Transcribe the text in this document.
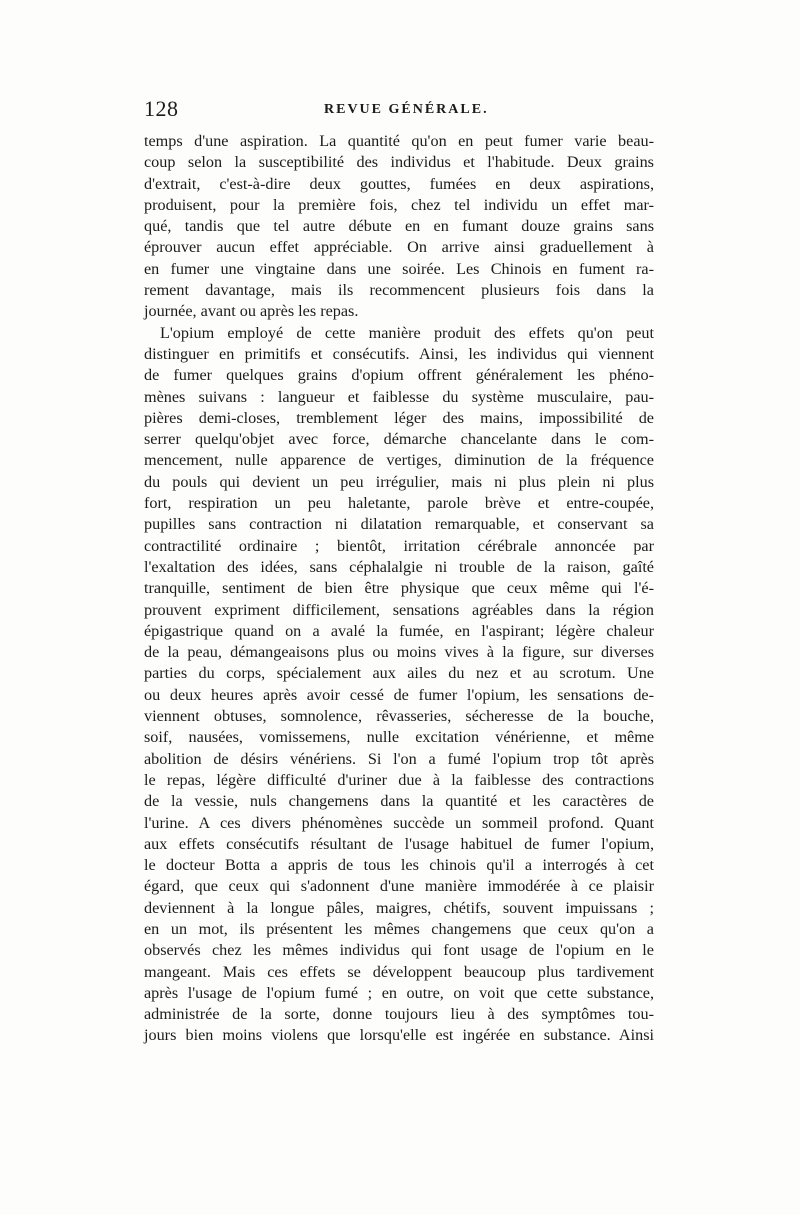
128	REVUE GÉNÉRALE.
temps d'une aspiration. La quantité qu'on en peut fumer varie beau-
coup selon la susceptibilité des individus et l'habitude. Deux grains
d'extrait, c'est-à-dire deux gouttes, fumées en deux aspirations,
produisent, pour la première fois, chez tel individu un effet mar-
qué, tandis que tel autre débute en en fumant douze grains sans
éprouver aucun effet appréciable. On arrive ainsi graduellement à
en fumer une vingtaine dans une soirée. Les Chinois en fument ra-
rement davantage, mais ils recommencent plusieurs fois dans la
journée, avant ou après les repas.
L'opium employé de cette manière produit des effets qu'on peut
distinguer en primitifs et consécutifs. Ainsi, les individus qui viennent
de fumer quelques grains d'opium offrent généralement les phéno-
mènes suivans : langueur et faiblesse du système musculaire, pau-
pières demi-closes, tremblement léger des mains, impossibilité de
serrer quelqu'objet avec force, démarche chancelante dans le com-
mencement, nulle apparence de vertiges, diminution de la fréquence
du pouls qui devient un peu irrégulier, mais ni plus plein ni plus
fort, respiration un peu haletante, parole brève et entre-coupée,
pupilles sans contraction ni dilatation remarquable, et conservant sa
contractilité ordinaire ; bientôt, irritation cérébrale annoncée par
l'exaltation des idées, sans céphalalgie ni trouble de la raison, gaîté
tranquille, sentiment de bien être physique que ceux même qui l'é-
prouvent expriment difficilement, sensations agréables dans la région
épigastrique quand on a avalé la fumée, en l'aspirant; légère chaleur
de la peau, démangeaisons plus ou moins vives à la figure, sur diverses
parties du corps, spécialement aux ailes du nez et au scrotum. Une
ou deux heures après avoir cessé de fumer l'opium, les sensations de-
viennent obtuses, somnolence, rêvasseries, sécheresse de la bouche,
soif, nausées, vomissemens, nulle excitation vénérienne, et même
abolition de désirs vénériens. Si l'on a fumé l'opium trop tôt après
le repas, légère difficulté d'uriner due à la faiblesse des contractions
de la vessie, nuls changemens dans la quantité et les caractères de
l'urine. A ces divers phénomènes succède un sommeil profond. Quant
aux effets consécutifs résultant de l'usage habituel de fumer l'opium,
le docteur Botta a appris de tous les chinois qu'il a interrogés à cet
égard, que ceux qui s'adonnent d'une manière immodérée à ce plaisir
deviennent à la longue pâles, maigres, chétifs, souvent impuissans ;
en un mot, ils présentent les mêmes changemens que ceux qu'on a
observés chez les mêmes individus qui font usage de l'opium en le
mangeant. Mais ces effets se développent beaucoup plus tardivement
après l'usage de l'opium fumé ; en outre, on voit que cette substance,
administrée de la sorte, donne toujours lieu à des symptômes tou-
jours bien moins violens que lorsqu'elle est ingérée en substance. Ainsi
